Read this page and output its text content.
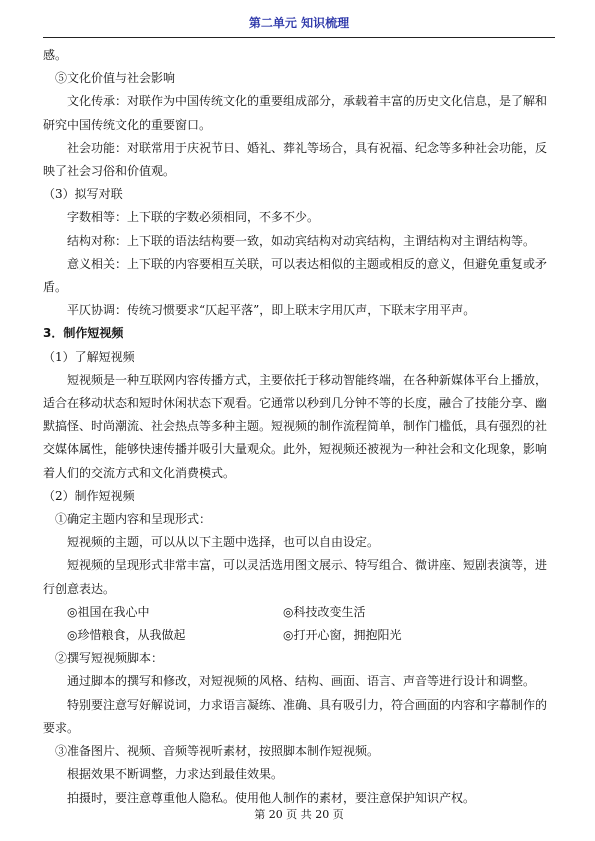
第二单元 知识梳理

感。

⑤文化价值与社会影响

文化传承：对联作为中国传统文化的重要组成部分，承载着丰富的历史文化信息，是了解和研究中国传统文化的重要窗口。

社会功能：对联常用于庆祝节日、婚礼、葬礼等场合，具有祝福、纪念等多种社会功能，反映了社会习俗和价值观。

（3）拟写对联

字数相等：上下联的字数必须相同，不多不少。

结构对称：上下联的语法结构要一致，如动宾结构对动宾结构，主谓结构对主谓结构等。

意义相关：上下联的内容要相互关联，可以表达相似的主题或相反的意义，但避免重复或矛盾。

平仄协调：传统习惯要求“仄起平落”，即上联末字用仄声，下联末字用平声。

3．制作短视频

（1）了解短视频

短视频是一种互联网内容传播方式，主要依托于移动智能终端，在各种新媒体平台上播放，适合在移动状态和短时休闲状态下观看。它通常以秒到几分钟不等的长度，融合了技能分享、幽默搞怪、时尚潮流、社会热点等多种主题。短视频的制作流程简单，制作门槛低，具有强烈的社交媒体属性，能够快速传播并吸引大量观众。此外，短视频还被视为一种社会和文化现象，影响着人们的交流方式和文化消费模式。

（2）制作短视频

①确定主题内容和呈现形式：

短视频的主题，可以从以下主题中选择，也可以自由设定。

短视频的呈现形式非常丰富，可以灵活选用图文展示、特写组合、微讲座、短剧表演等，进行创意表达。

◎祖国在我心中	◎科技改变生活
◎珍惜粮食，从我做起	◎打开心窗，拥抱阳光

②撰写短视频脚本：

通过脚本的撰写和修改，对短视频的风格、结构、画面、语言、声音等进行设计和调整。

特别要注意写好解说词，力求语言凝练、准确、具有吸引力，符合画面的内容和字幕制作的要求。

③准备图片、视频、音频等视听素材，按照脚本制作短视频。

根据效果不断调整，力求达到最佳效果。

拍摄时，要注意尊重他人隐私。使用他人制作的素材，要注意保护知识产权。

第 20 页 共 20 页
